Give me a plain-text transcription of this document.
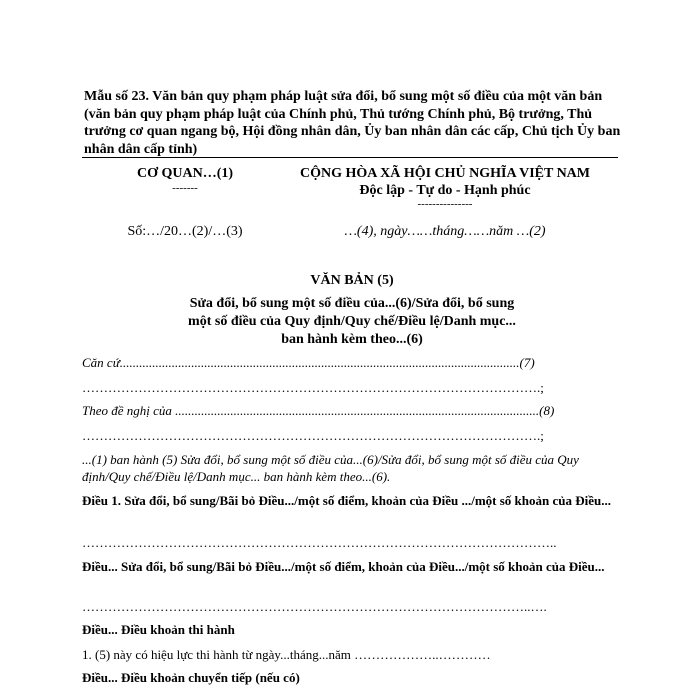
Mẫu số 23. Văn bản quy phạm pháp luật sửa đổi, bổ sung một số điều của một văn bản (văn bản quy phạm pháp luật của Chính phủ, Thủ tướng Chính phủ, Bộ trưởng, Thủ trưởng cơ quan ngang bộ, Hội đồng nhân dân, Ủy ban nhân dân các cấp, Chủ tịch Ủy ban nhân dân cấp tỉnh)
CƠ QUAN…(1)
-------
CỘNG HÒA XÃ HỘI CHỦ NGHĨA VIỆT NAM
Độc lập - Tự do - Hạnh phúc
---------------
Số:…/20…(2)/…(3)	…(4), ngày……tháng……năm …(2)
VĂN BẢN (5)
Sửa đổi, bổ sung một số điều của...(6)/Sửa đổi, bổ sung
một số điều của Quy định/Quy chế/Điều lệ/Danh mục...
ban hành kèm theo...(6)
Căn cứ...........................................................................................................................(7)
…………………………………………………………………………………………….;
Theo đề nghị của ................................................................................................................(8)
…………………………………………………………………………………………….;
...(1) ban hành (5) Sửa đổi, bổ sung một số điều của...(6)/Sửa đổi, bổ sung một số điều của Quy định/Quy chế/Điều lệ/Danh mục... ban hành kèm theo...(6).
Điều 1. Sửa đổi, bổ sung/Bãi bỏ Điều.../một số điểm, khoản của Điều .../một số khoản của Điều...
………………………………………………………………………………………………..
Điều... Sửa đổi, bổ sung/Bãi bỏ Điều.../một số điểm, khoản của Điều.../một số khoản của Điều...
…………………………………………………………………………………………..….
Điều... Điều khoản thi hành
1. (5) này có hiệu lực thi hành từ ngày...tháng...năm ………………..…………
Điều... Điều khoản chuyển tiếp (nếu có)
